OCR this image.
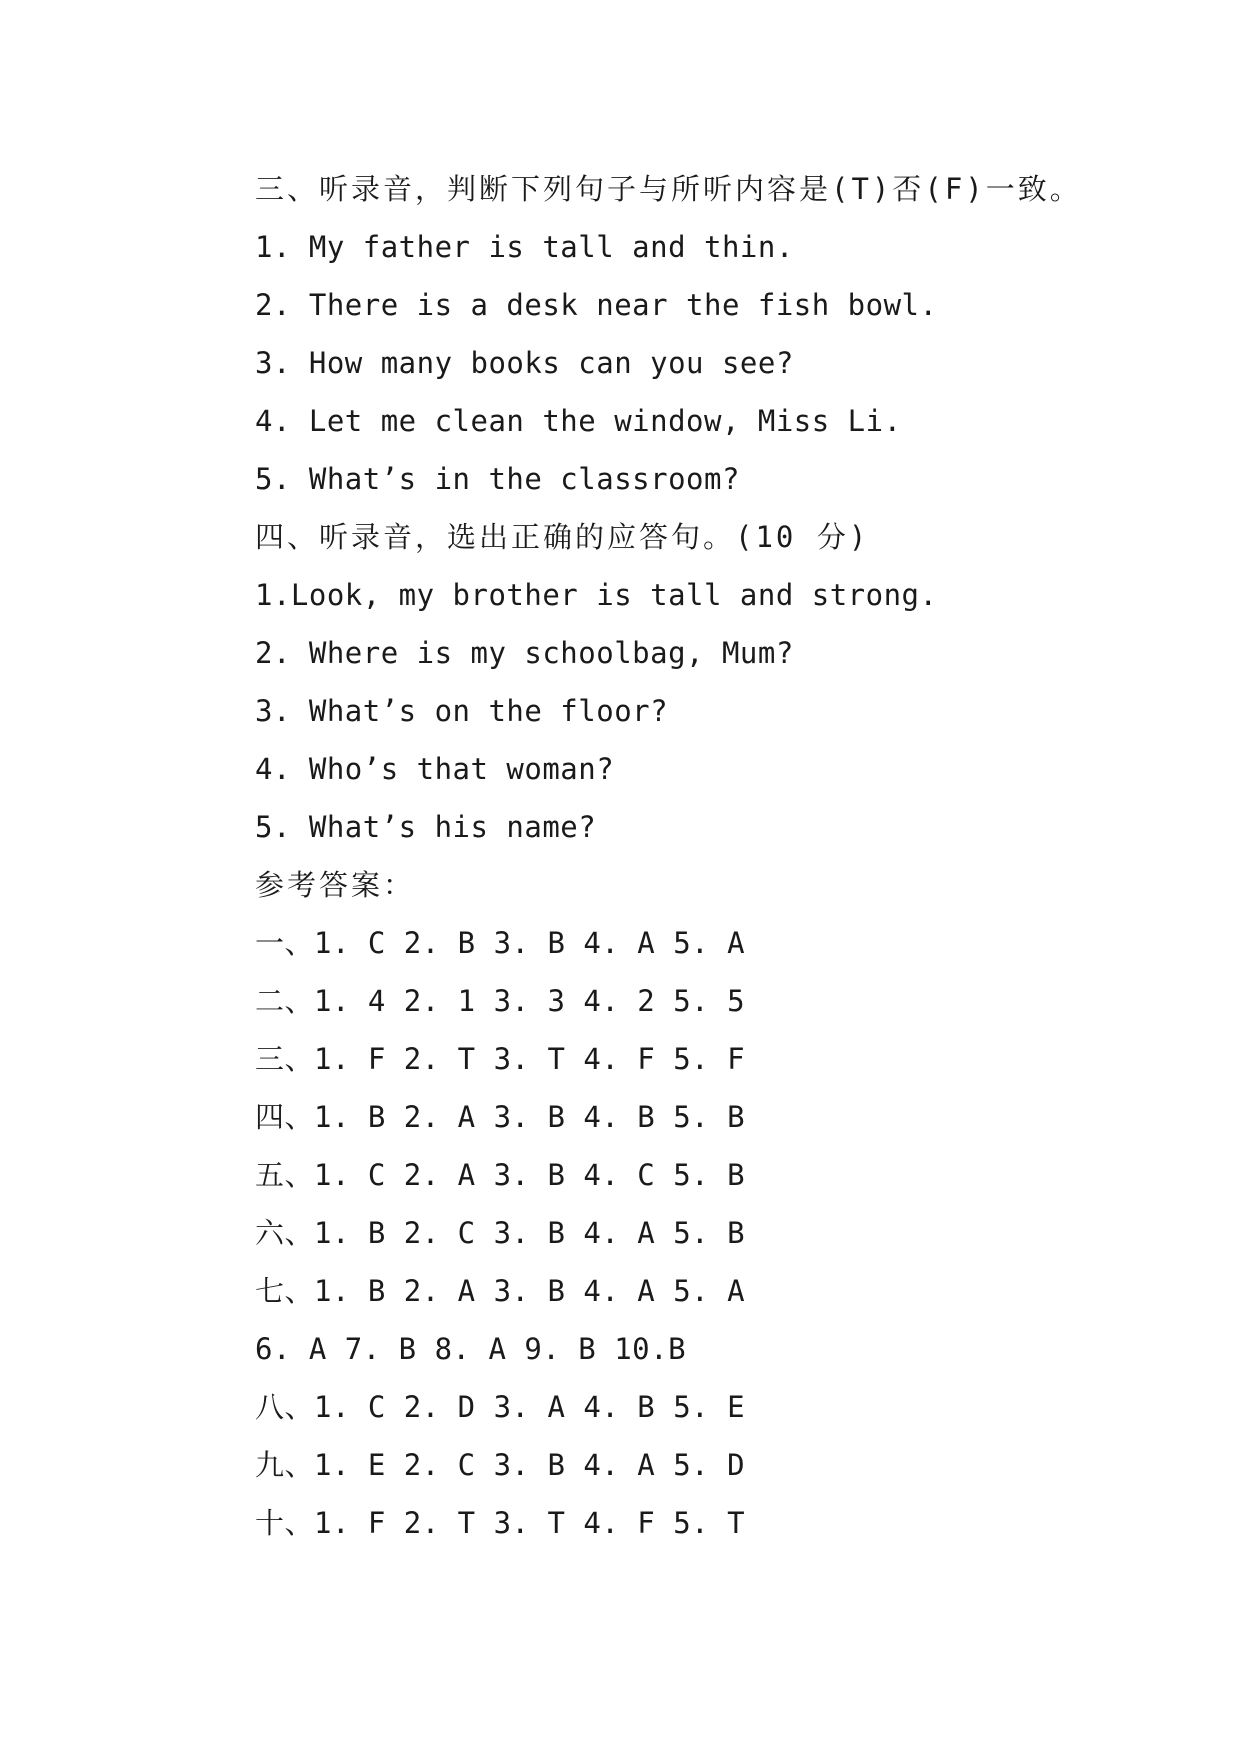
三、听录音，判断下列句子与所听内容是(T)否(F)一致。
1. My father is tall and thin.
2. There is a desk near the fish bowl.
3. How many books can you see?
4. Let me clean the window, Miss Li.
5. What’s in the classroom?
四、听录音，选出正确的应答句。(10 分)
1.Look, my brother is tall and strong.
2. Where is my schoolbag, Mum?
3. What’s on the floor?
4. Who’s that woman?
5. What’s his name?
参考答案：
一、1. C 2. B 3. B 4. A 5. A
二、1. 4 2. 1 3. 3 4. 2 5. 5
三、1. F 2. T 3. T 4. F 5. F
四、1. B 2. A 3. B 4. B 5. B
五、1. C 2. A 3. B 4. C 5. B
六、1. B 2. C 3. B 4. A 5. B
七、1. B 2. A 3. B 4. A 5. A
6. A 7. B 8. A 9. B 10.B
八、1. C 2. D 3. A 4. B 5. E
九、1. E 2. C 3. B 4. A 5. D
十、1. F 2. T 3. T 4. F 5. T
